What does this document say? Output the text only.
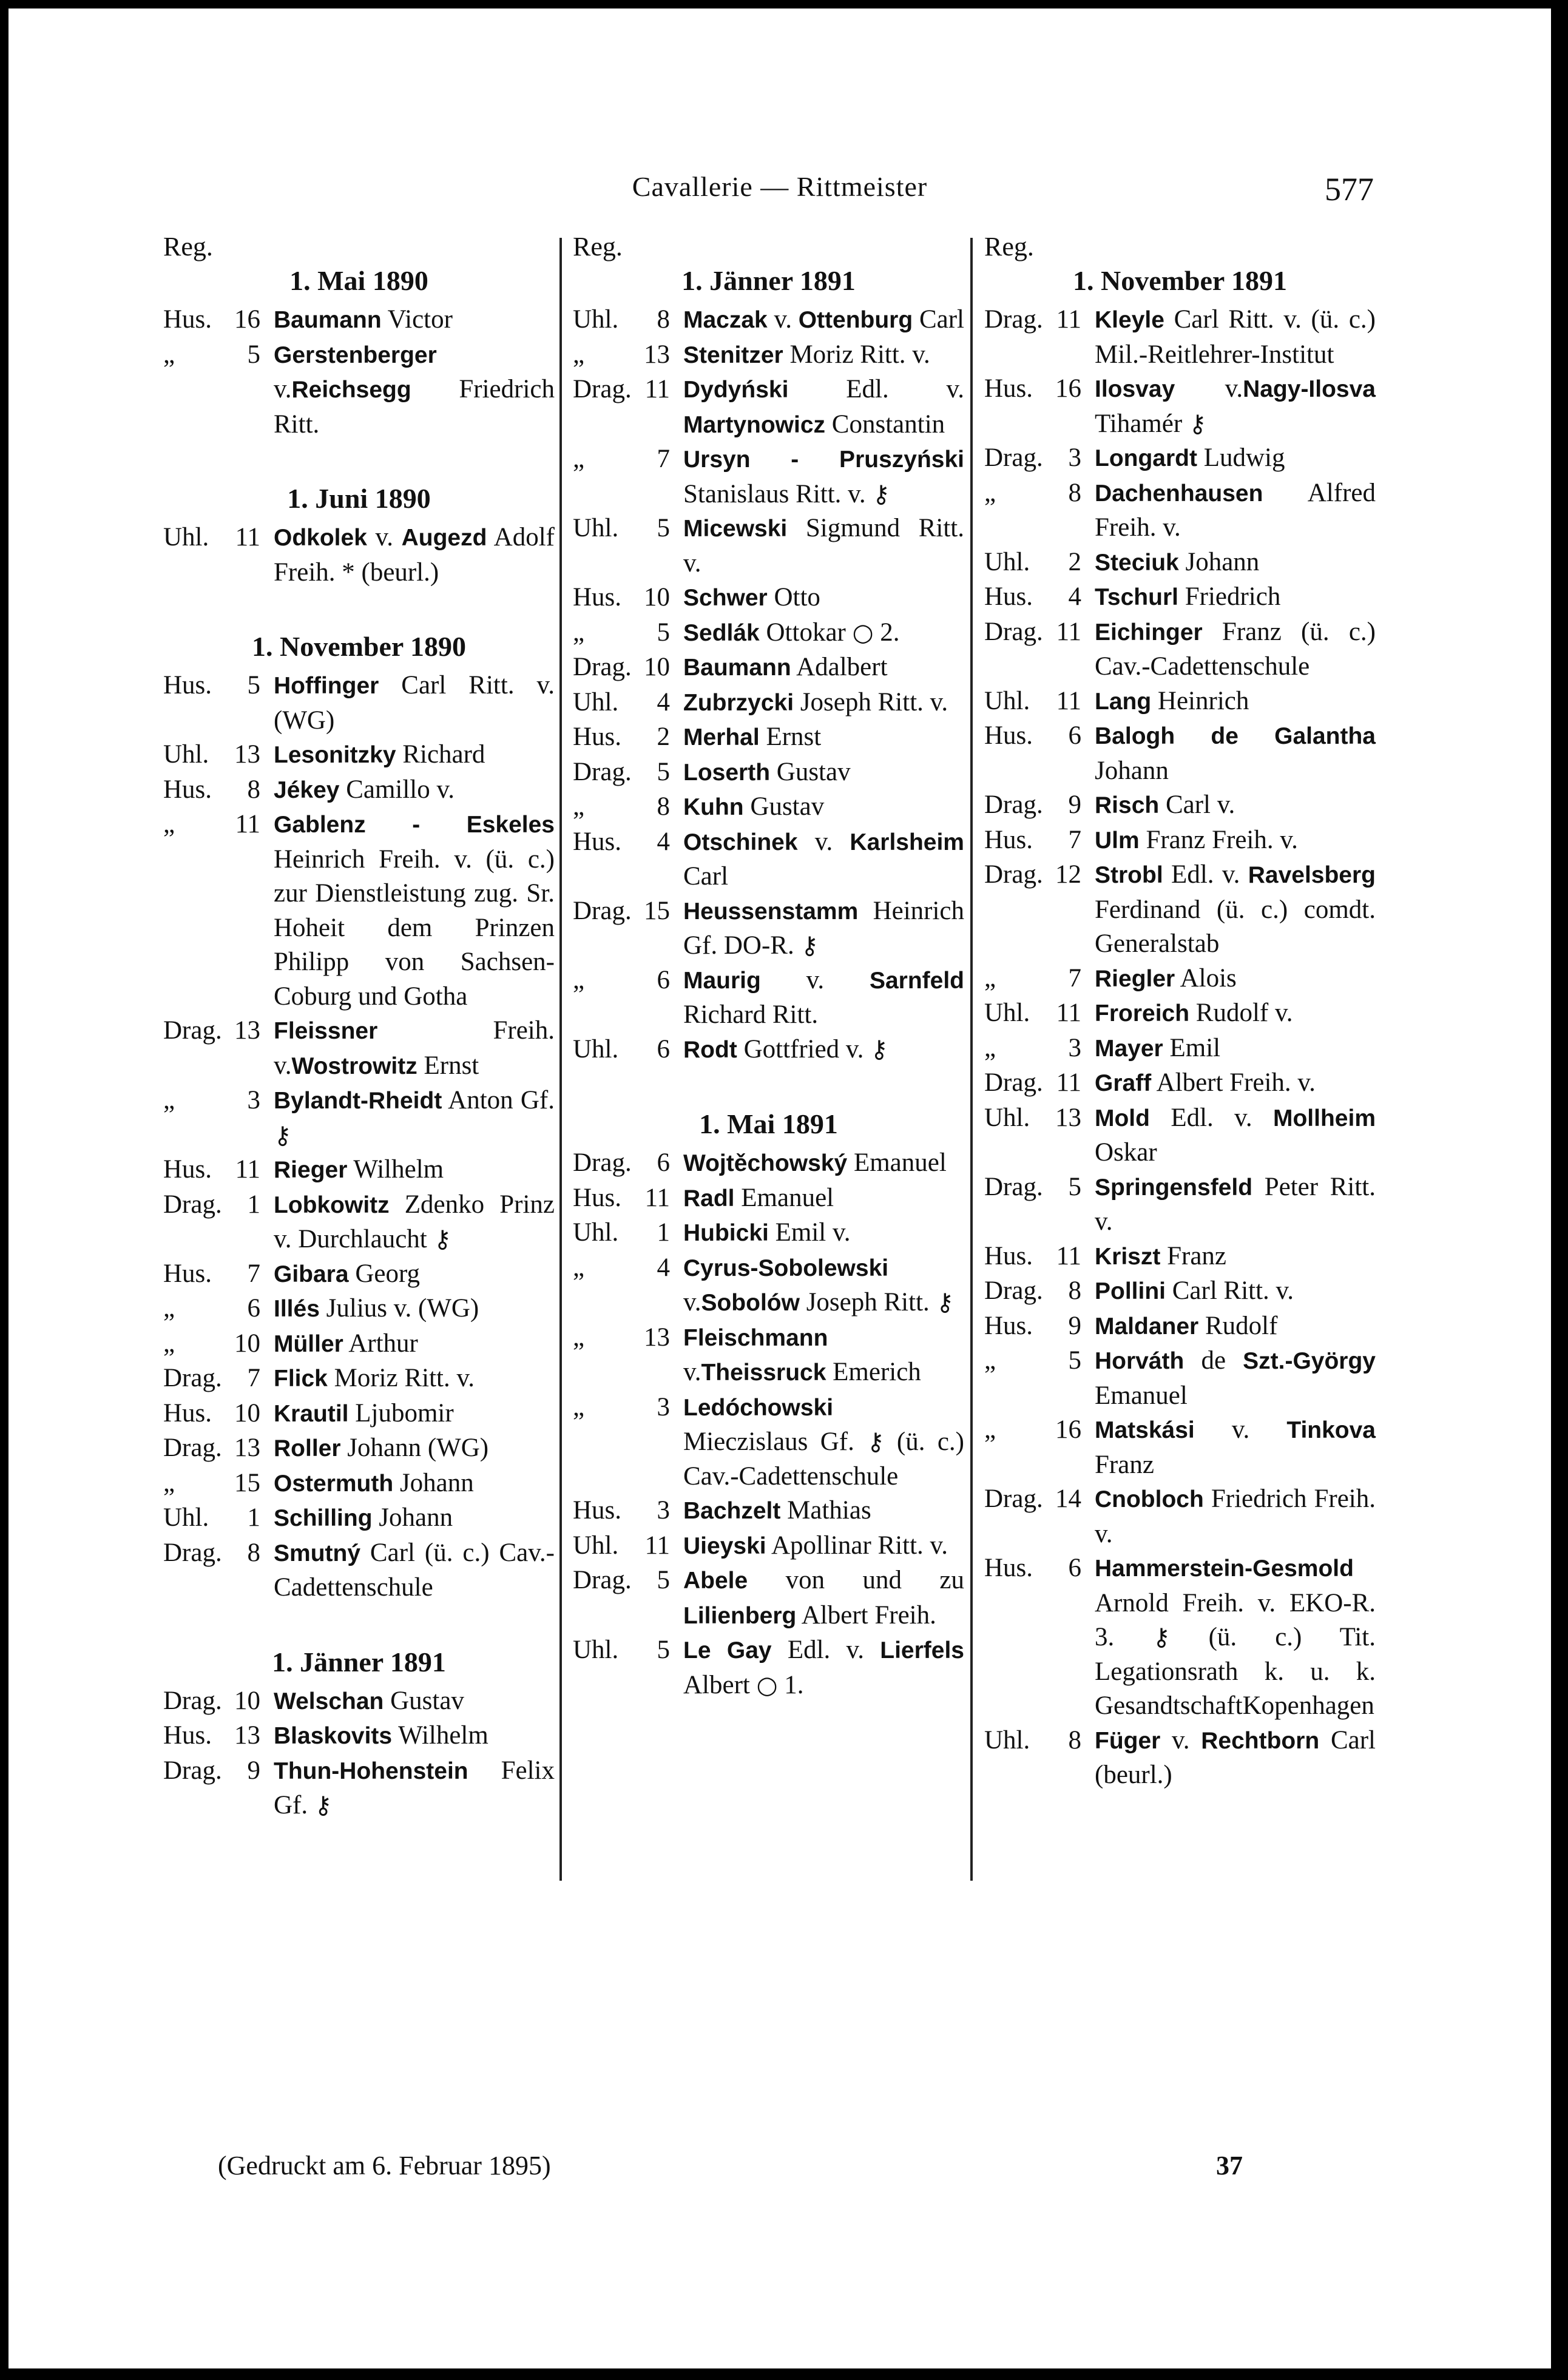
Cavallerie — Rittmeister	577
Reg.
1. Mai 1890
Hus. 16 Baumann Victor
„	5 Gerstenberger v.Reichsegg Friedrich Ritt.
1. Juni 1890
Uhl.	11 Odkolek v. Augezd Adolf Freih. * (beurl.)
1. November 1890
Hus.	5 Hoffinger Carl Ritt. v. (WG)
Uhl. 13 Lesonitzky Richard
Hus.	8 Jékey Camillo v.
„	11 Gablenz - Eskeles Heinrich Freih. v. (ü. c.) zur Dienstleistung zug. Sr. Hoheit dem Prinzen Philipp von Sachsen-Coburg und Gotha
Drag. 13 Fleissner Freih. v.Wostrowitz Ernst
„	3 Bylandt-Rheidt Anton Gf. ⚷
Hus. 11 Rieger Wilhelm
Drag. 1 Lobkowitz Zdenko Prinz v. Durchlaucht ⚷
Hus.	7 Gibara Georg
„	6 Illés Julius v. (WG)
„	10 Müller Arthur
Drag. 7 Flick Moriz Ritt. v.
Hus. 10 Krautil Ljubomir
Drag. 13 Roller Johann (WG)
„	15 Ostermuth Johann
Uhl.	1 Schilling Johann
Drag. 8 Smutný Carl (ü. c.) Cav.-Cadettenschule
1. Jänner 1891
Drag. 10 Welschan Gustav
Hus. 13 Blaskovits Wilhelm
Drag. 9 Thun-Hohenstein Felix Gf. ⚷
Reg.
1. Jänner 1891
Uhl.	8 Maczak v. Ottenburg Carl
„	13 Stenitzer Moriz Ritt. v.
Drag. 11 Dydyński Edl. v. Martynowicz Constantin
„	7 Ursyn - Pruszyński Stanislaus Ritt. v. ⚷
Uhl.	5 Micewski Sigmund Ritt. v.
Hus. 10 Schwer Otto
„	5 Sedlák Ottokar ○ 2.
Drag. 10 Baumann Adalbert
Uhl.	4 Zubrzycki Joseph Ritt. v.
Hus.	2 Merhal Ernst
Drag. 5 Loserth Gustav
„	8 Kuhn Gustav
Hus.	4 Otschinek v. Karlsheim Carl
Drag. 15 Heussenstamm Heinrich Gf. DO-R. ⚷
„	6 Maurig v. Sarnfeld Richard Ritt.
Uhl.	6 Rodt Gottfried v. ⚷
1. Mai 1891
Drag. 6 Wojtěchowský Emanuel
Hus. 11 Radl Emanuel
Uhl.	1 Hubicki Emil v.
„	4 Cyrus-Sobolewski v.Sobolów Joseph Ritt. ⚷
„	13 Fleischmann v.Theissruck Emerich
„	3 Ledóchowski Mieczislaus Gf. ⚷ (ü. c.) Cav.-Cadettenschule
Hus.	3 Bachzelt Mathias
Uhl.	11 Uieyski Apollinar Ritt. v.
Drag. 5 Abele von und zu Lilienberg Albert Freih.
Uhl.	5 Le Gay Edl. v. Lierfels Albert ○ 1.
Reg.
1. November 1891
Drag. 11 Kleyle Carl Ritt. v. (ü. c.) Mil.-Reitlehrer-Institut
Hus. 16 Ilosvay v.Nagy-Ilosva Tihamér ⚷
Drag. 3 Longardt Ludwig
„	8 Dachenhausen Alfred Freih. v.
Uhl.	2 Steciuk Johann
Hus.	4 Tschurl Friedrich
Drag. 11 Eichinger Franz (ü. c.) Cav.-Cadettenschule
Uhl.	11 Lang Heinrich
Hus.	6 Balogh de Galantha Johann
Drag. 9 Risch Carl v.
Hus.	7 Ulm Franz Freih. v.
Drag. 12 Strobl Edl. v. Ravelsberg Ferdinand (ü. c.) comdt. Generalstab
„	7 Riegler Alois
Uhl.	11 Froreich Rudolf v.
„	3 Mayer Emil
Drag. 11 Graff Albert Freih. v.
Uhl. 13 Mold Edl. v. Mollheim Oskar
Drag. 5 Springensfeld Peter Ritt. v.
Hus. 11 Kriszt Franz
Drag. 8 Pollini Carl Ritt. v.
Hus.	9 Maldaner Rudolf
„	5 Horváth de Szt.-György Emanuel
„	16 Matskási v. Tinkova Franz
Drag. 14 Cnobloch Friedrich Freih. v.
Hus.	6 Hammerstein-Gesmold Arnold Freih. v. EKO-R. 3. ⚷ (ü. c.) Tit. Legationsrath k. u. k. GesandtschaftKopenhagen
Uhl.	8 Füger v. Rechtborn Carl (beurl.)
(Gedruckt am 6. Februar 1895)	37
